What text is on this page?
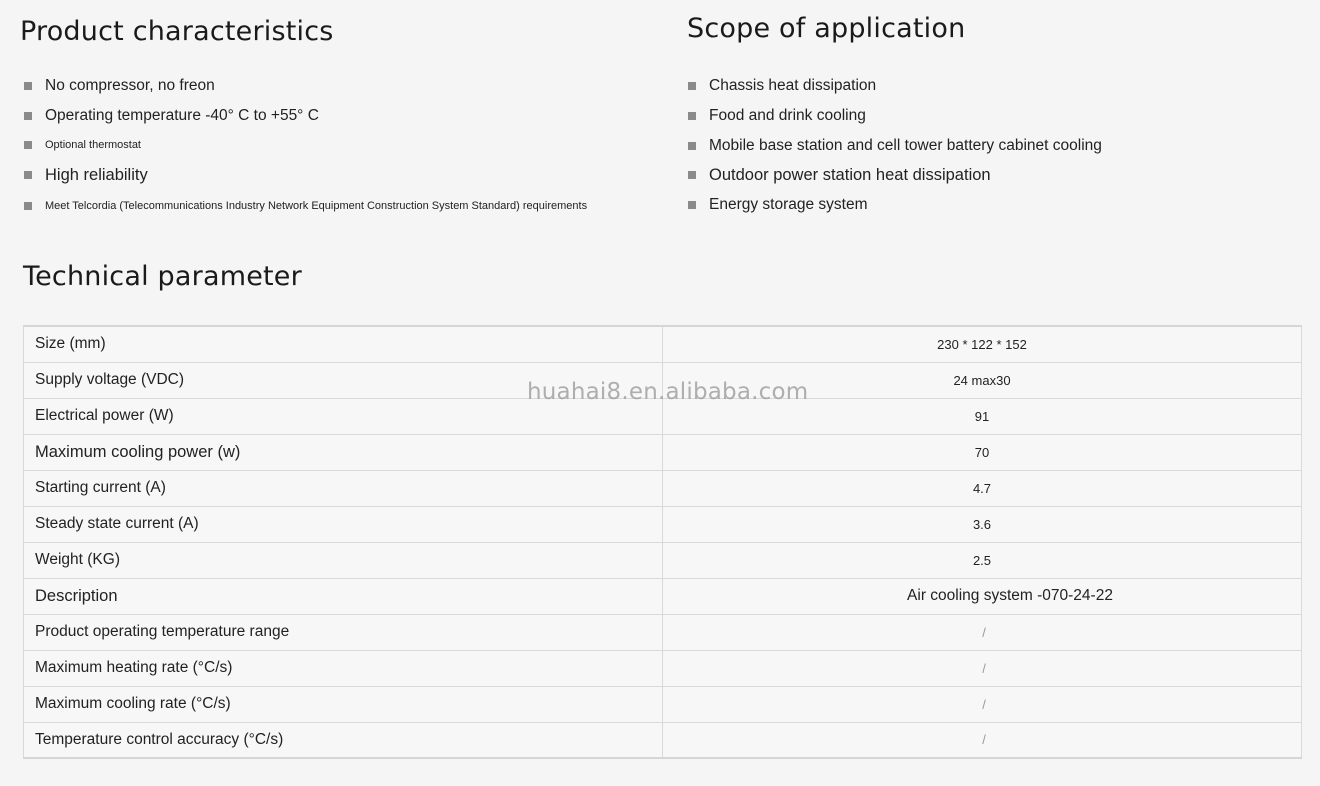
Product characteristics
No compressor, no freon
Operating temperature -40° C to +55° C
Optional thermostat
High reliability
Meet Telcordia (Telecommunications Industry Network Equipment Construction System Standard) requirements
Scope of application
Chassis heat dissipation
Food and drink cooling
Mobile base station and cell tower battery cabinet cooling
Outdoor power station heat dissipation
Energy storage system
Technical parameter
Size (mm)	230 * 122 * 152
Supply voltage (VDC)	24 max30
Electrical power (W)	91
Maximum cooling power (w)	70
Starting current (A)	4.7
Steady state current (A)	3.6
Weight (KG)	2.5
Description	Air cooling system -070-24-22
Product operating temperature range	/
Maximum heating rate (°C/s)	/
Maximum cooling rate (°C/s)	/
Temperature control accuracy (°C/s)	/
huahai8.en.alibaba.com
